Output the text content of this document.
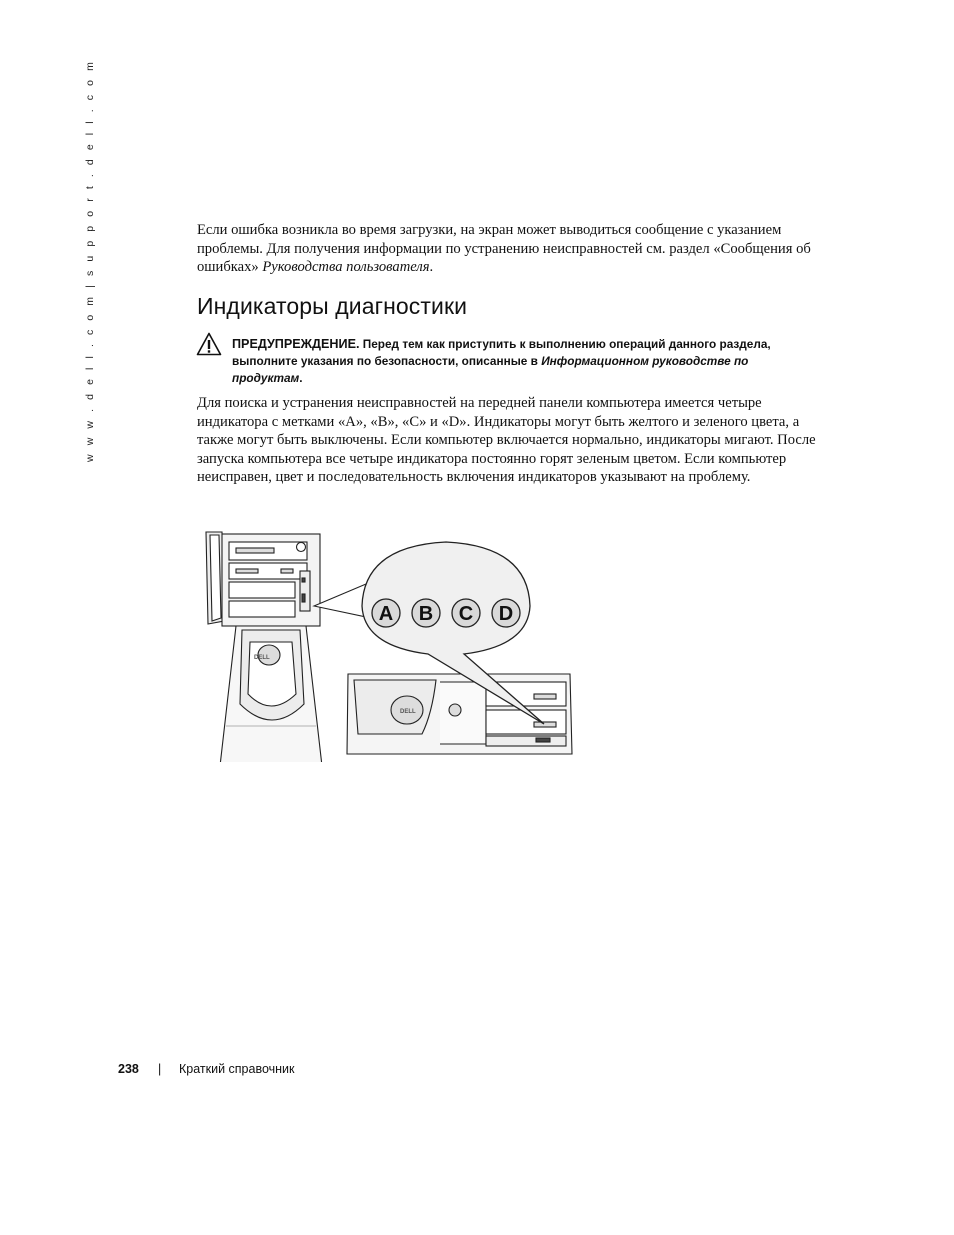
w w w . d e l l . c o m | s u p p o r t . d e l l . c o m	Если ошибка возникла во время загрузки, на экран может выводиться сообщение с указанием проблемы. Для получения информации по устранению неисправностей см. раздел «Сообщения об ошибках» Руководства пользователя.

Индикаторы диагностики

ПРЕДУПРЕЖДЕНИЕ. Перед тем как приступить к выполнению операций данного раздела, выполните указания по безопасности, описанные в Информационном руководстве по продуктам.

Для поиска и устранения неисправностей на передней панели компьютера имеется четыре индикатора с метками «A», «B», «C» и «D». Индикаторы могут быть желтого и зеленого цвета, а также могут быть выключены. Если компьютер включается нормально, индикаторы мигают. После запуска компьютера все четыре индикатора постоянно горят зеленым цветом. Если компьютер неисправен, цвет и последовательность включения индикаторов указывают на проблему.

DELL
DELL
A B C D
238 | Краткий справочник
